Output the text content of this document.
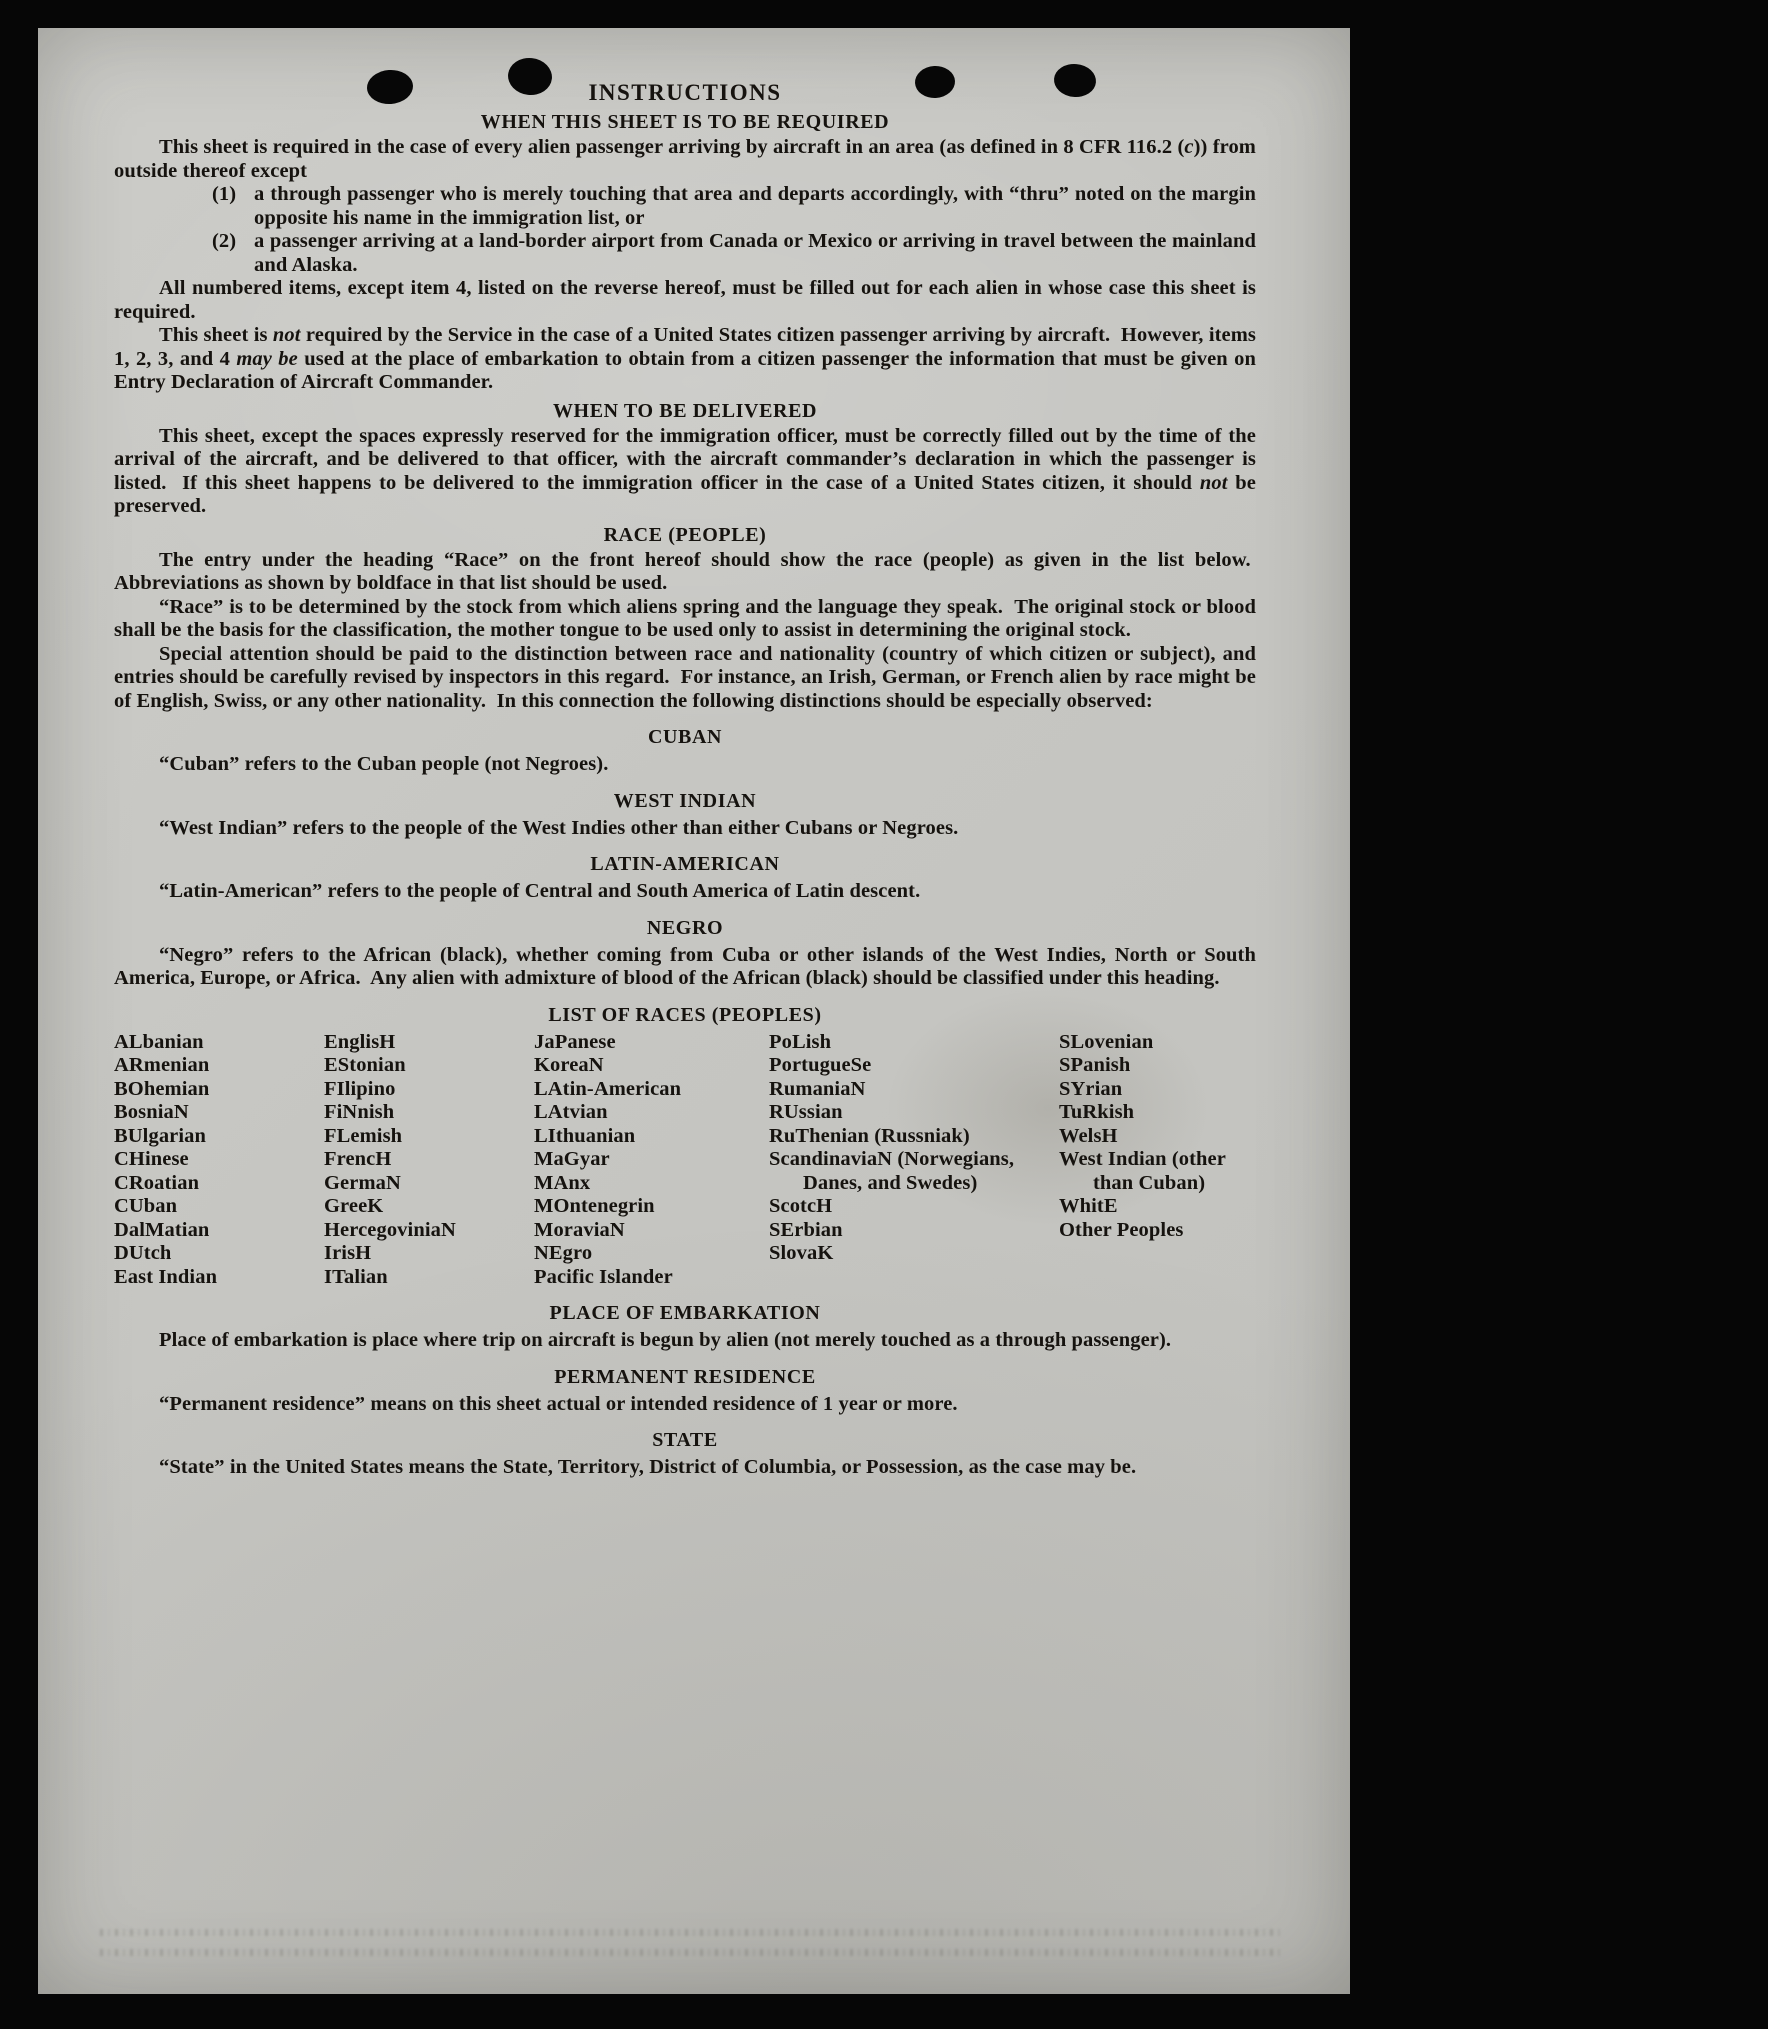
INSTRUCTIONS
WHEN THIS SHEET IS TO BE REQUIRED

This sheet is required in the case of every alien passenger arriving by aircraft in an area (as defined in 8 CFR 116.2 (c)) from outside thereof except

(1) a through passenger who is merely touching that area and departs accordingly, with “thru” noted on the margin opposite his name in the immigration list, or
(2) a passenger arriving at a land-border airport from Canada or Mexico or arriving in travel between the mainland and Alaska.

All numbered items, except item 4, listed on the reverse hereof, must be filled out for each alien in whose case this sheet is required.

This sheet is not required by the Service in the case of a United States citizen passenger arriving by aircraft.  However, items 1, 2, 3, and 4 may be used at the place of embarkation to obtain from a citizen passenger the information that must be given on Entry Declaration of Aircraft Commander.

WHEN TO BE DELIVERED

This sheet, except the spaces expressly reserved for the immigration officer, must be correctly filled out by the time of the arrival of the aircraft, and be delivered to that officer, with the aircraft commander’s declaration in which the passenger is listed.  If this sheet happens to be delivered to the immigration officer in the case of a United States citizen, it should not be preserved.

RACE (PEOPLE)

The entry under the heading “Race” on the front hereof should show the race (people) as given in the list below.  Abbreviations as shown by boldface in that list should be used.

“Race” is to be determined by the stock from which aliens spring and the language they speak.  The original stock or blood shall be the basis for the classification, the mother tongue to be used only to assist in determining the original stock.

Special attention should be paid to the distinction between race and nationality (country of which citizen or subject), and entries should be carefully revised by inspectors in this regard.  For instance, an Irish, German, or French alien by race might be of English, Swiss, or any other nationality.  In this connection the following distinctions should be especially observed:

CUBAN

“Cuban” refers to the Cuban people (not Negroes).

WEST INDIAN

“West Indian” refers to the people of the West Indies other than either Cubans or Negroes.

LATIN-AMERICAN

“Latin-American” refers to the people of Central and South America of Latin descent.

NEGRO

“Negro” refers to the African (black), whether coming from Cuba or other islands of the West Indies, North or South America, Europe, or Africa.  Any alien with admixture of blood of the African (black) should be classified under this heading.

LIST OF RACES (PEOPLES)
ALbanian
ARmenian
BOhemian
BosniaN
BUlgarian
CHinese
CRoatian
CUban
DalMatian
DUtch
East Indian
EnglisH
EStonian
FIlipino
FiNnish
FLemish
FrencH
GermaN
GreeK
HercegoviniaN
IrisH
ITalian
JaPanese
KoreaN
LAtin-American
LAtvian
LIthuanian
MaGyar
MAnx
MOntenegrin
MoraviaN
NEgro
Pacific Islander
PoLish
PortugueSe
RumaniaN
RUssian
RuThenian (Russniak)
ScandinaviaN (Norwegians, Danes, and Swedes)
ScotcH
SErbian
SlovaK
SLovenian
SPanish
SYrian
TuRkish
WelsH
West Indian (other than Cuban)
WhitE
Other Peoples
PLACE OF EMBARKATION

Place of embarkation is place where trip on aircraft is begun by alien (not merely touched as a through passenger).

PERMANENT RESIDENCE

“Permanent residence” means on this sheet actual or intended residence of 1 year or more.

STATE

“State” in the United States means the State, Territory, District of Columbia, or Possession, as the case may be.
